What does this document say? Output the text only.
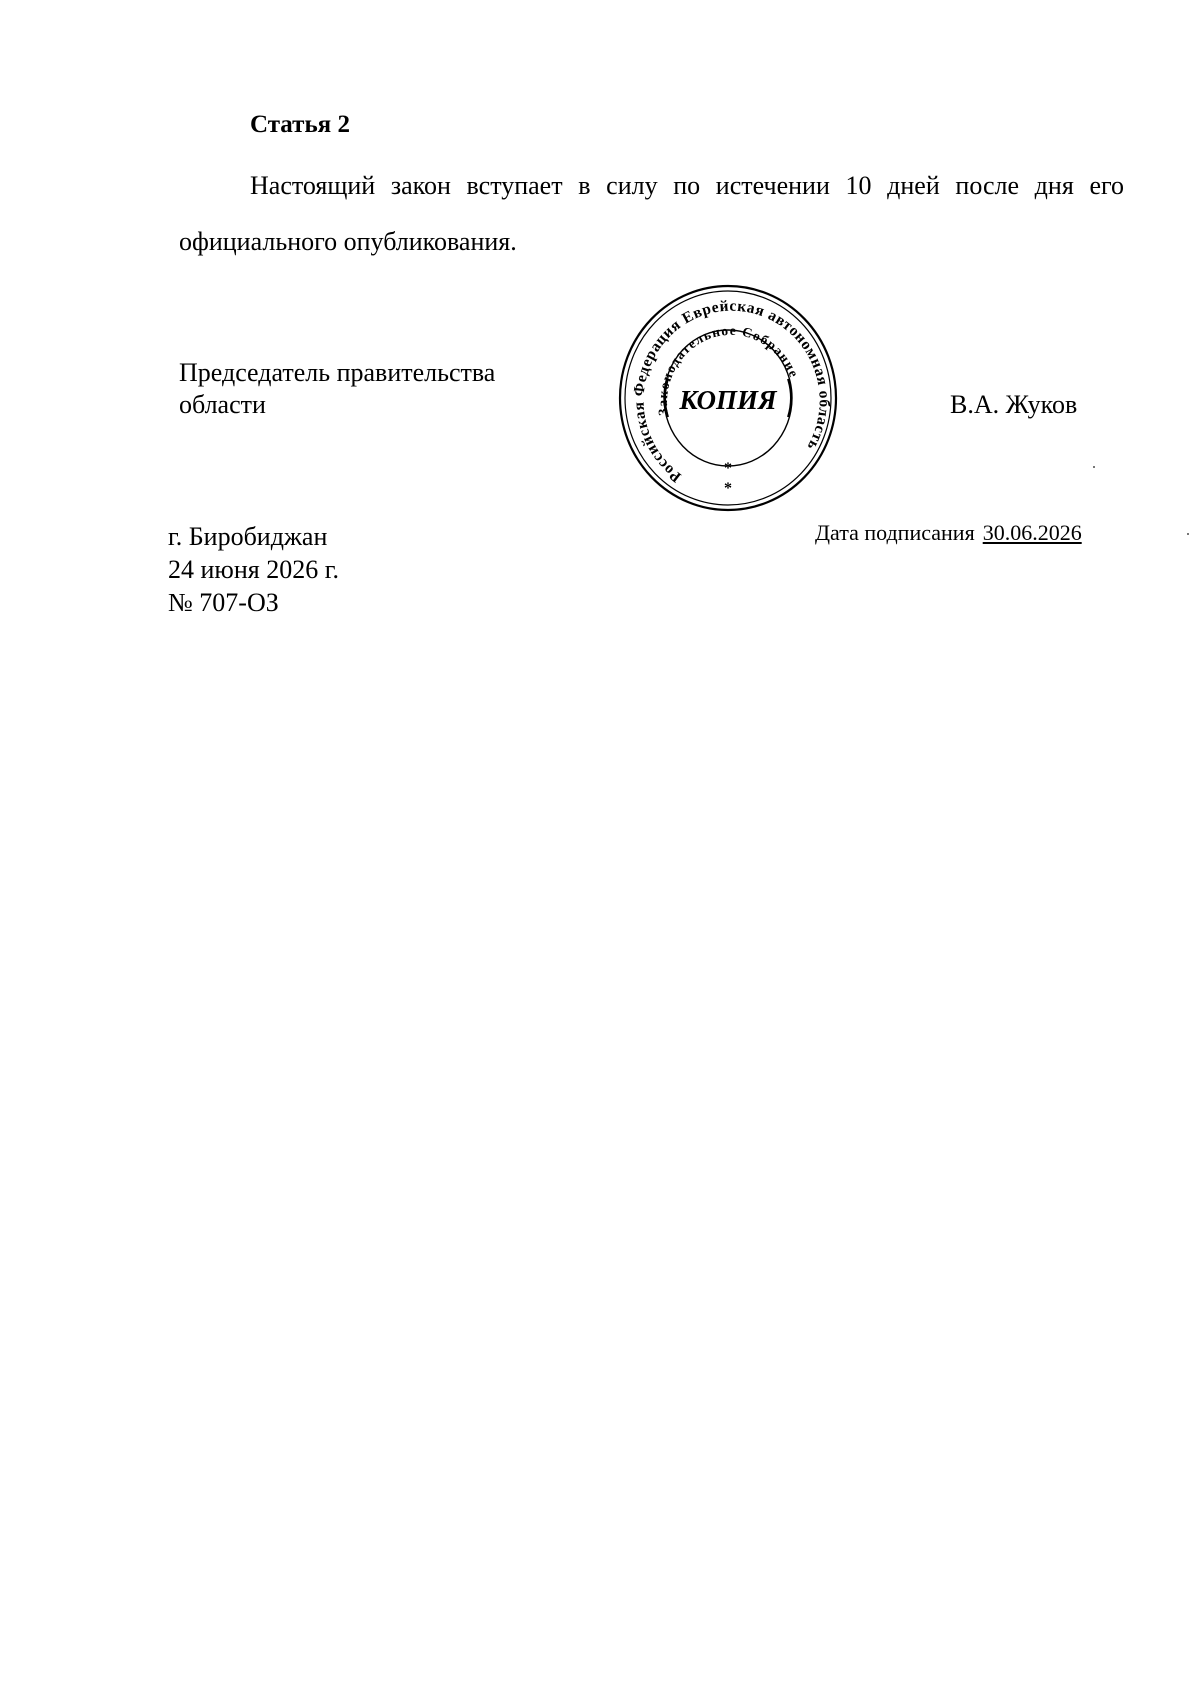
Статья 2

Настоящий закон вступает в силу по истечении 10 дней после дня его официального опубликования.

Председатель правительства
области
Российская Федерация Еврейская автономная область
Законодательное Собрание
КОПИЯ
*
*
В.А. Жуков
г. Биробиджан
24 июня 2026 г.
№ 707-ОЗ
Дата подписания 30.06.2026
